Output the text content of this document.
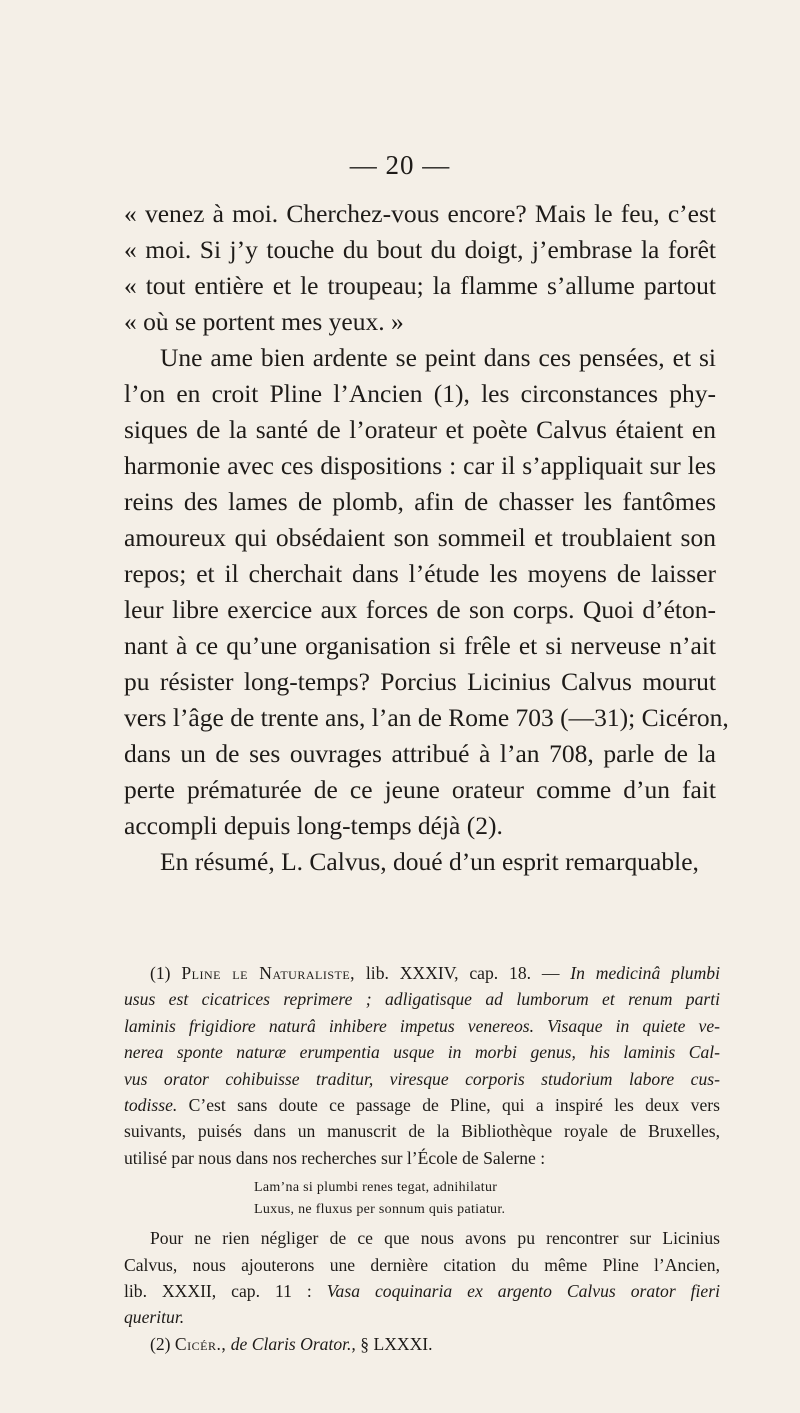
— 20 —
« venez à moi. Cherchez-vous encore? Mais le feu, c’est
« moi. Si j’y touche du bout du doigt, j’embrase la forêt
« tout entière et le troupeau; la flamme s’allume partout
« où se portent mes yeux. »
Une ame bien ardente se peint dans ces pensées, et si
l’on en croit Pline l’Ancien (1), les circonstances phy-
siques de la santé de l’orateur et poète Calvus étaient en
harmonie avec ces dispositions : car il s’appliquait sur les
reins des lames de plomb, afin de chasser les fantômes
amoureux qui obsédaient son sommeil et troublaient son
repos; et il cherchait dans l’étude les moyens de laisser
leur libre exercice aux forces de son corps. Quoi d’éton-
nant à ce qu’une organisation si frêle et si nerveuse n’ait
pu résister long-temps? Porcius Licinius Calvus mourut
vers l’âge de trente ans, l’an de Rome 703 (—31); Cicéron,
dans un de ses ouvrages attribué à l’an 708, parle de la
perte prématurée de ce jeune orateur comme d’un fait
accompli depuis long-temps déjà (2).
En résumé, L. Calvus, doué d’un esprit remarquable,
(1) Pline le Naturaliste, lib. XXXIV, cap. 18. — In medicinâ plumbi
usus est cicatrices reprimere ; adligatisque ad lumborum et renum parti
laminis frigidiore naturâ inhibere impetus venereos. Visaque in quiete ve-
nerea sponte naturæ erumpentia usque in morbi genus, his laminis Cal-
vus orator cohibuisse traditur, viresque corporis studorium labore cus-
todisse. C’est sans doute ce passage de Pline, qui a inspiré les deux vers
suivants, puisés dans un manuscrit de la Bibliothèque royale de Bruxelles,
utilisé par nous dans nos recherches sur l’École de Salerne :
Lam’na si plumbi renes tegat, adnihilatur
Luxus, ne fluxus per sonnum quis patiatur.
Pour ne rien négliger de ce que nous avons pu rencontrer sur Licinius
Calvus, nous ajouterons une dernière citation du même Pline l’Ancien,
lib. XXXII, cap. 11 : Vasa coquinaria ex argento Calvus orator fieri
queritur.
(2) Cicér., de Claris Orator., § LXXXI.
